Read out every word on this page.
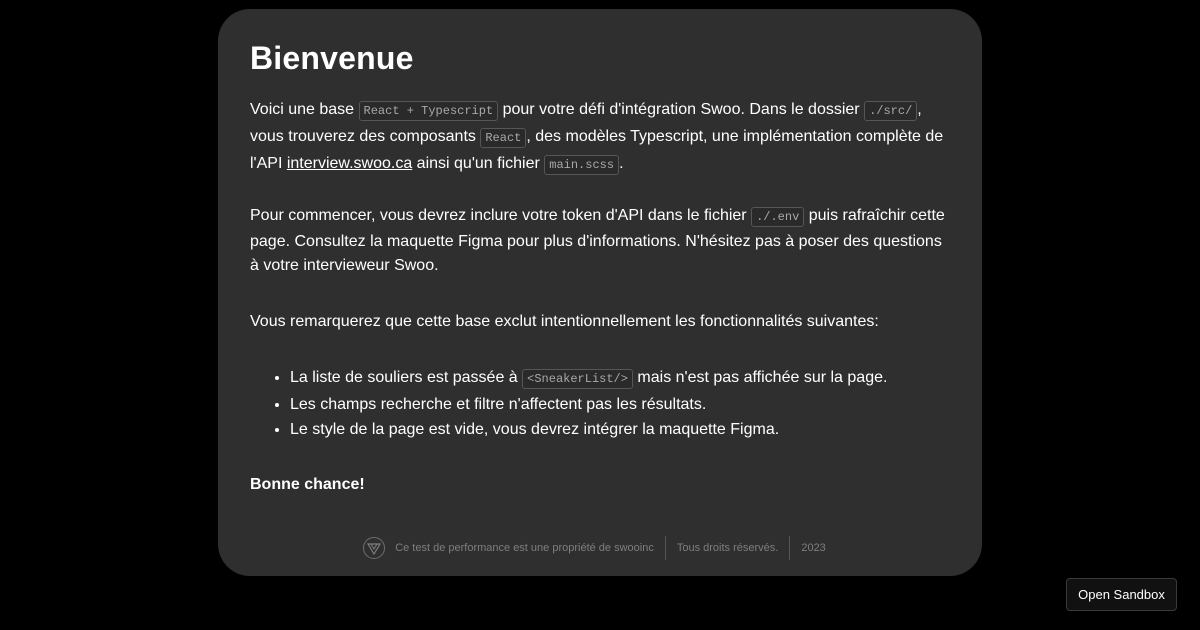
Bienvenue

Voici une base React + Typescript pour votre défi d'intégration Swoo. Dans le dossier ./src/ , vous trouverez des composants React , des modèles Typescript, une implémentation complète de l'API interview.swoo.ca ainsi qu'un fichier main.scss .

Pour commencer, vous devrez inclure votre token d'API dans le fichier ./.env puis rafraîchir cette page. Consultez la maquette Figma pour plus d'informations. N'hésitez pas à poser des questions à votre intervieweur Swoo.

Vous remarquerez que cette base exclut intentionnellement les fonctionnalités suivantes:

• La liste de souliers est passée à <SneakerList/> mais n'est pas affichée sur la page.
• Les champs recherche et filtre n'affectent pas les résultats.
• Le style de la page est vide, vous devrez intégrer la maquette Figma.

Bonne chance!

Ce test de performance est une propriété de swooinc	Tous droits réservés.	2023
Open Sandbox
